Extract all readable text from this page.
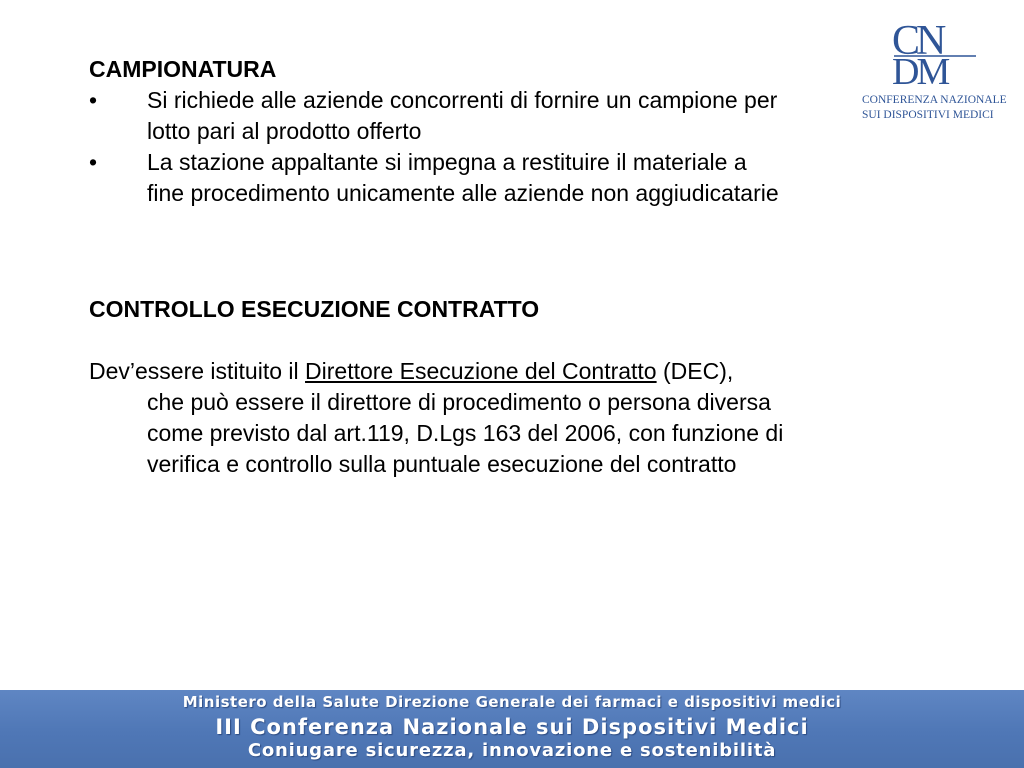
CN
DM
CONFERENZA NAZIONALE
SUI DISPOSITIVI MEDICI

CAMPIONATURA

• Si richiede alle aziende concorrenti di fornire un campione per
lotto pari al prodotto offerto
• La stazione appaltante si impegna a restituire il materiale a
fine procedimento unicamente alle aziende non aggiudicatarie

CONTROLLO ESECUZIONE CONTRATTO

Dev’essere istituito il Direttore Esecuzione del Contratto (DEC),
che può essere il direttore di procedimento o persona diversa
come previsto dal art.119, D.Lgs 163 del 2006, con funzione di
verifica e controllo sulla puntuale esecuzione del contratto

Ministero della Salute Direzione Generale dei farmaci e dispositivi medici
III Conferenza Nazionale sui Dispositivi Medici
Coniugare sicurezza, innovazione e sostenibilità
